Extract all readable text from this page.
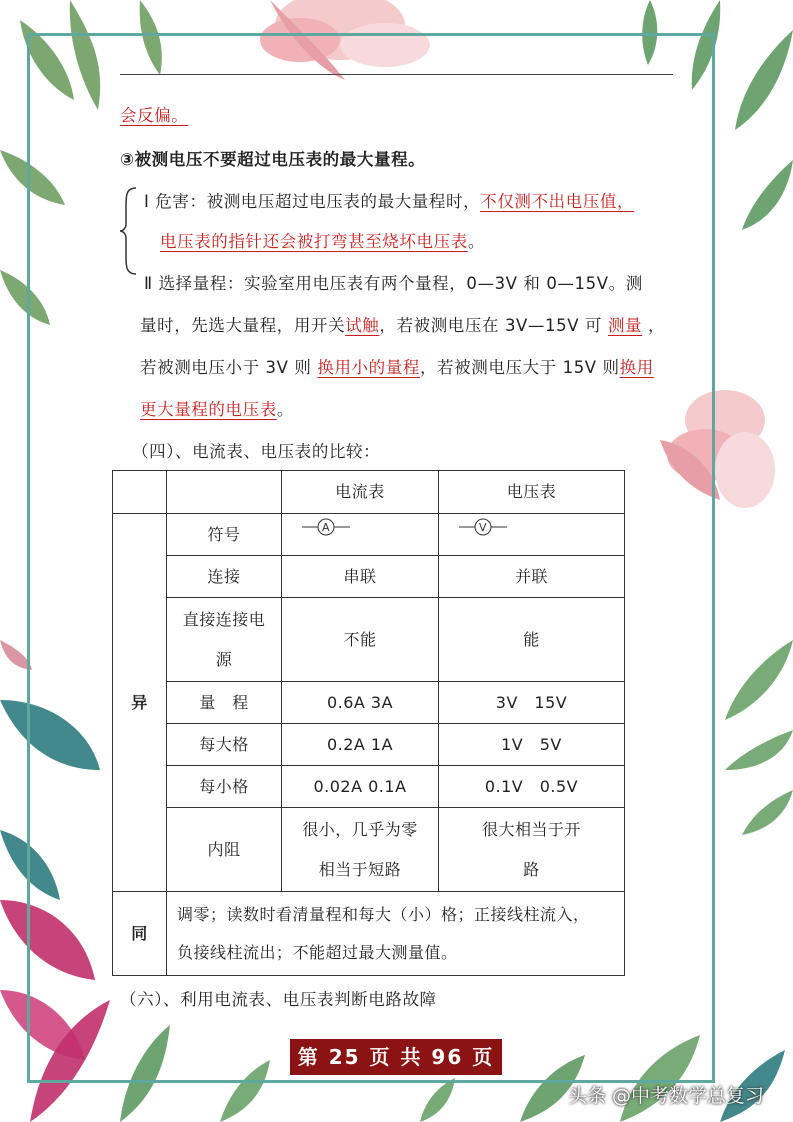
会反偏。
③被测电压不要超过电压表的最大量程。
Ⅰ 危害：被测电压超过电压表的最大量程时，不仅测不出电压值，
电压表的指针还会被打弯甚至烧坏电压表。
Ⅱ 选择量程：实验室用电压表有两个量程，0—3V 和 0—15V。测
量时，先选大量程，用开关试触，若被测电压在 3V—15V 可 测量 ，
若被测电压小于 3V 则 换用小的量程，若被测电压大于 15V 则换用
更大量程的电压表。
（四）、电流表、电压表的比较：
		电流表	电压表
异	符号	A	V

	连接	串联	并联
	直接连接电源	不能	能
	量　程	0.6A 3A	3V　15V
	每大格	0.2A 1A	1V　5V
	每小格	0.02A 0.1A	0.1V　0.5V
	内阻	很小，几乎为零相当于短路	很大相当于开路
同	调零；读数时看清量程和每大（小）格；正接线柱流入，
负接线柱流出；不能超过最大测量值。		
（六）、利用电流表、电压表判断电路故障
第 25 页 共 96 页
头条 @中考数学总复习
